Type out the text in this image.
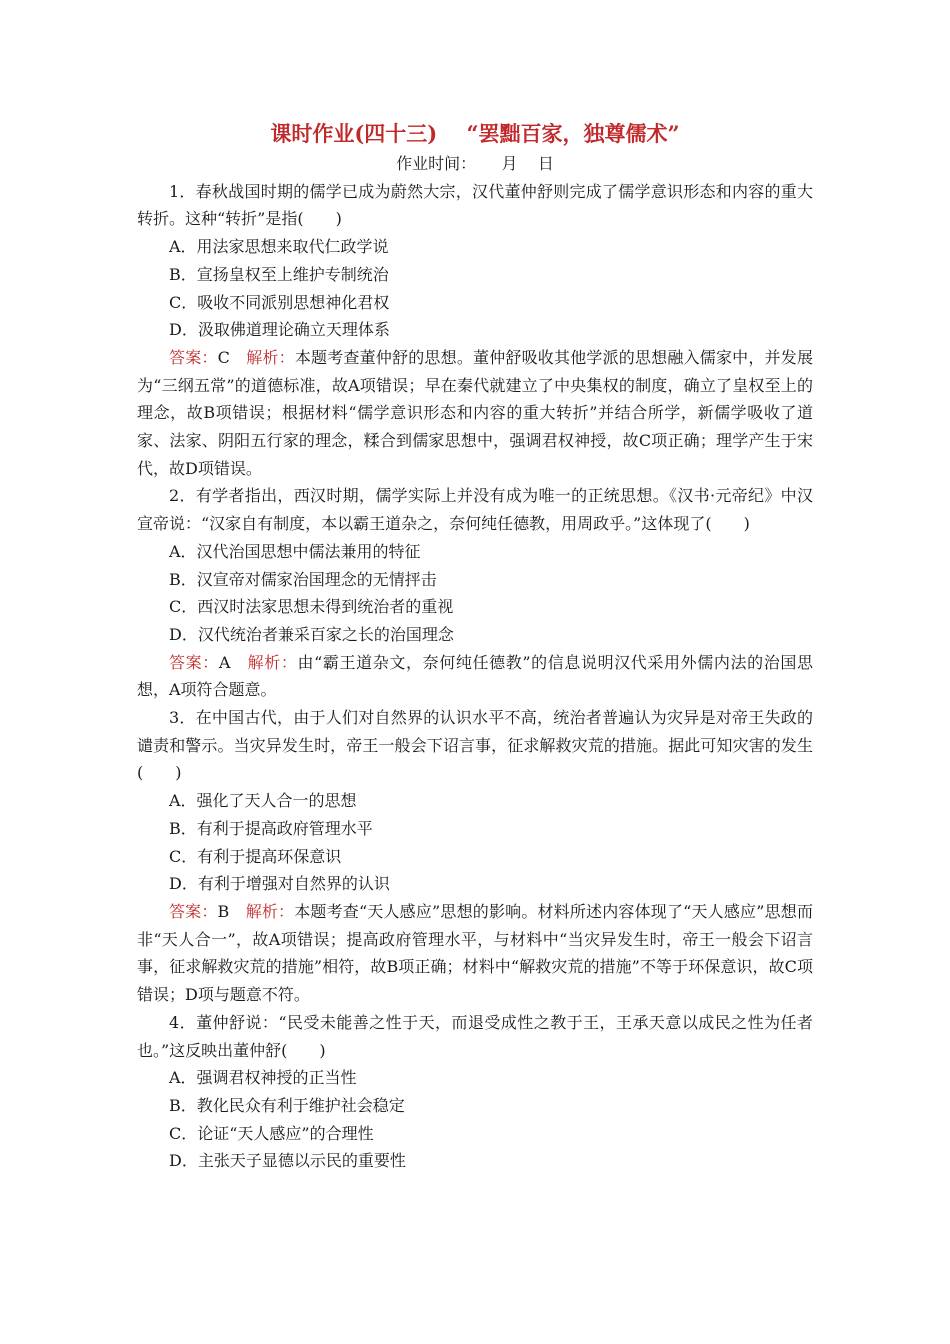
课时作业(四十三)    “罢黜百家，独尊儒术”
作业时间：     月    日

1．春秋战国时期的儒学已成为蔚然大宗，汉代董仲舒则完成了儒学意识形态和内容的重大转折。这种“转折”是指(　　)

A．用法家思想来取代仁政学说

B．宣扬皇权至上维护专制统治

C．吸收不同派别思想神化君权

D．汲取佛道理论确立天理体系

答案：C　 解析：本题考查董仲舒的思想。董仲舒吸收其他学派的思想融入儒家中，并发展为“三纲五常”的道德标准，故A项错误；早在秦代就建立了中央集权的制度，确立了皇权至上的理念，故B项错误；根据材料“儒学意识形态和内容的重大转折”并结合所学，新儒学吸收了道家、法家、阴阳五行家的理念，糅合到儒家思想中，强调君权神授，故C项正确；理学产生于宋代，故D项错误。

2．有学者指出，西汉时期，儒学实际上并没有成为唯一的正统思想。《汉书·元帝纪》中汉宣帝说：“汉家自有制度，本以霸王道杂之，奈何纯任德教，用周政乎。”这体现了(　　)

A．汉代治国思想中儒法兼用的特征

B．汉宣帝对儒家治国理念的无情抨击

C．西汉时法家思想未得到统治者的重视

D．汉代统治者兼采百家之长的治国理念

答案：A　 解析：由“霸王道杂文，奈何纯任德教”的信息说明汉代采用外儒内法的治国思想，A项符合题意。

3．在中国古代，由于人们对自然界的认识水平不高，统治者普遍认为灾异是对帝王失政的谴责和警示。当灾异发生时，帝王一般会下诏言事，征求解救灾荒的措施。据此可知灾害的发生(　　)

A．强化了天人合一的思想

B．有利于提高政府管理水平

C．有利于提高环保意识

D．有利于增强对自然界的认识

答案：B　 解析：本题考查“天人感应”思想的影响。材料所述内容体现了“天人感应”思想而非“天人合一”，故A项错误；提高政府管理水平，与材料中“当灾异发生时，帝王一般会下诏言事，征求解救灾荒的措施”相符，故B项正确；材料中“解救灾荒的措施”不等于环保意识，故C项错误；D项与题意不符。

4．董仲舒说：“民受未能善之性于天，而退受成性之教于王，王承天意以成民之性为任者也。”这反映出董仲舒(　　)

A．强调君权神授的正当性

B．教化民众有利于维护社会稳定

C．论证“天人感应”的合理性

D．主张天子显德以示民的重要性
